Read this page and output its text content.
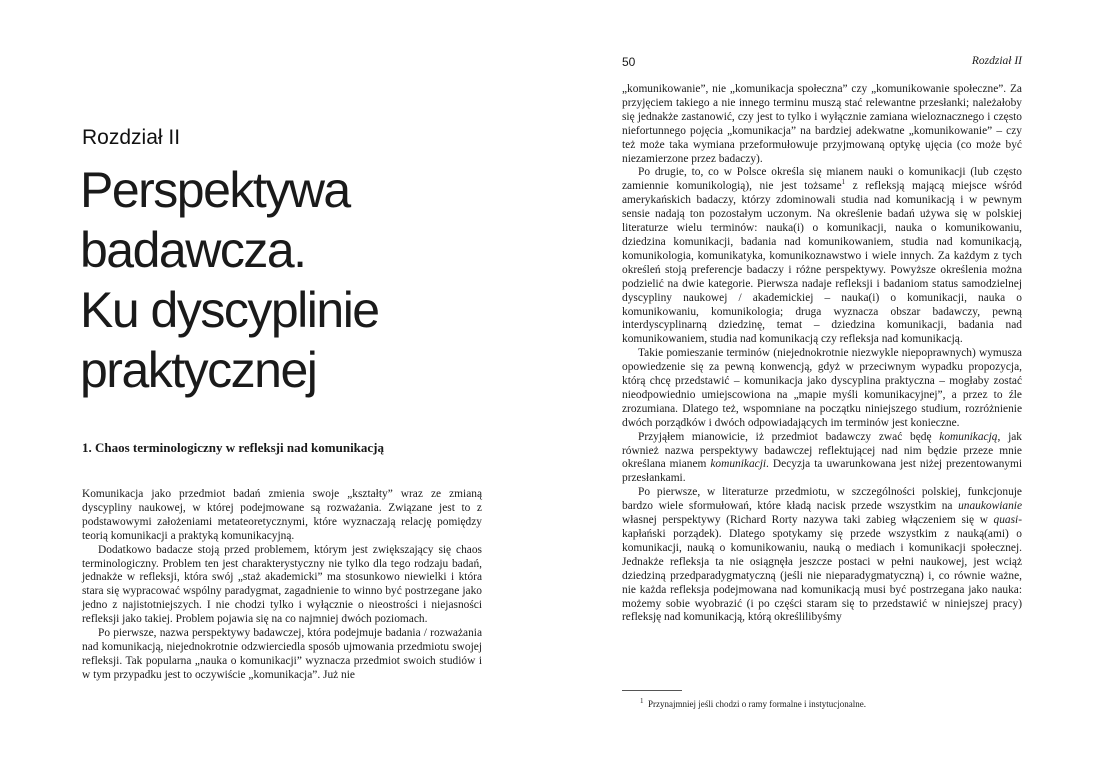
Rozdział II
Perspektywa
badawcza.
Ku dyscyplinie
praktycznej
1. Chaos terminologiczny w refleksji nad komunikacją

Komunikacja jako przedmiot badań zmienia swoje „kształty” wraz ze zmianą dyscypliny naukowej, w której podejmowane są rozważania. Związane jest to z podstawowymi założeniami metateoretycznymi, które wyznaczają relację pomiędzy teorią komunikacji a praktyką komunikacyjną.

Dodatkowo badacze stoją przed problemem, którym jest zwiększający się chaos terminologiczny. Problem ten jest charakterystyczny nie tylko dla tego rodzaju badań, jednakże w refleksji, która swój „staż akademicki” ma stosunkowo niewielki i która stara się wypracować wspólny paradygmat, zagadnienie to winno być postrzegane jako jedno z najistotniejszych. I nie chodzi tylko i wyłącznie o nieostrości i niejasności refleksji jako takiej. Problem pojawia się na co najmniej dwóch poziomach.

Po pierwsze, nazwa perspektywy badawczej, która podejmuje badania / rozważania nad komunikacją, niejednokrotnie odzwierciedla sposób ujmowania przedmiotu swojej refleksji. Tak popularna „nauka o komunikacji” wyznacza przedmiot swoich studiów i w tym przypadku jest to oczywiście „komunikacja”. Już nie

50	Rozdział II

„komunikowanie”, nie „komunikacja społeczna” czy „komunikowanie społeczne”. Za przyjęciem takiego a nie innego terminu muszą stać relewantne przesłanki; należałoby się jednakże zastanowić, czy jest to tylko i wyłącznie zamiana wieloznacznego i często niefortunnego pojęcia „komunikacja” na bardziej adekwatne „komunikowanie” – czy też może taka wymiana przeformułowuje przyjmowaną optykę ujęcia (co może być niezamierzone przez badaczy).

Po drugie, to, co w Polsce określa się mianem nauki o komunikacji (lub często zamiennie komunikologią), nie jest tożsame$^1$ z refleksją mającą miejsce wśród amerykańskich badaczy, którzy zdominowali studia nad komunikacją i w pewnym sensie nadają ton pozostałym uczonym. Na określenie badań używa się w polskiej literaturze wielu terminów: nauka(i) o komunikacji, nauka o komunikowaniu, dziedzina komunikacji, badania nad komunikowaniem, studia nad komunikacją, komunikologia, komunikatyka, komunikoznawstwo i wiele innych. Za każdym z tych określeń stoją preferencje badaczy i różne perspektywy. Powyższe określenia można podzielić na dwie kategorie. Pierwsza nadaje refleksji i badaniom status samodzielnej dyscypliny naukowej / akademickiej – nauka(i) o komunikacji, nauka o komunikowaniu, komunikologia; druga wyznacza obszar badawczy, pewną interdyscyplinarną dziedzinę, temat – dziedzina komunikacji, badania nad komunikowaniem, studia nad komunikacją czy refleksja nad komunikacją.

Takie pomieszanie terminów (niejednokrotnie niezwykle niepoprawnych) wymusza opowiedzenie się za pewną konwencją, gdyż w przeciwnym wypadku propozycja, którą chcę przedstawić – komunikacja jako dyscyplina praktyczna – mogłaby zostać nieodpowiednio umiejscowiona na „mapie myśli komunikacyjnej”, a przez to źle zrozumiana. Dlatego też, wspomniane na początku niniejszego studium, rozróżnienie dwóch porządków i dwóch odpowiadających im terminów jest konieczne.

Przyjąłem mianowicie, iż przedmiot badawczy zwać będę komunikacją, jak również nazwa perspektywy badawczej reflektującej nad nim będzie przeze mnie określana mianem komunikacji. Decyzja ta uwarunkowana jest niżej prezentowanymi przesłankami.

Po pierwsze, w literaturze przedmiotu, w szczególności polskiej, funkcjonuje bardzo wiele sformułowań, które kładą nacisk przede wszystkim na unaukowianie własnej perspektywy (Richard Rorty nazywa taki zabieg włączeniem się w quasi-kapłański porządek). Dlatego spotykamy się przede wszystkim z nauką(ami) o komunikacji, nauką o komunikowaniu, nauką o mediach i komunikacji społecznej. Jednakże refleksja ta nie osiągnęła jeszcze postaci w pełni naukowej, jest wciąż dziedziną przedparadygmatyczną (jeśli nie nieparadygmatyczną) i, co równie ważne, nie każda refleksja podejmowana nad komunikacją musi być postrzegana jako nauka: możemy sobie wyobrazić (i po części staram się to przedstawić w niniejszej pracy) refleksję nad komunikacją, którą określilibyśmy

$^1$ Przynajmniej jeśli chodzi o ramy formalne i instytucjonalne.
